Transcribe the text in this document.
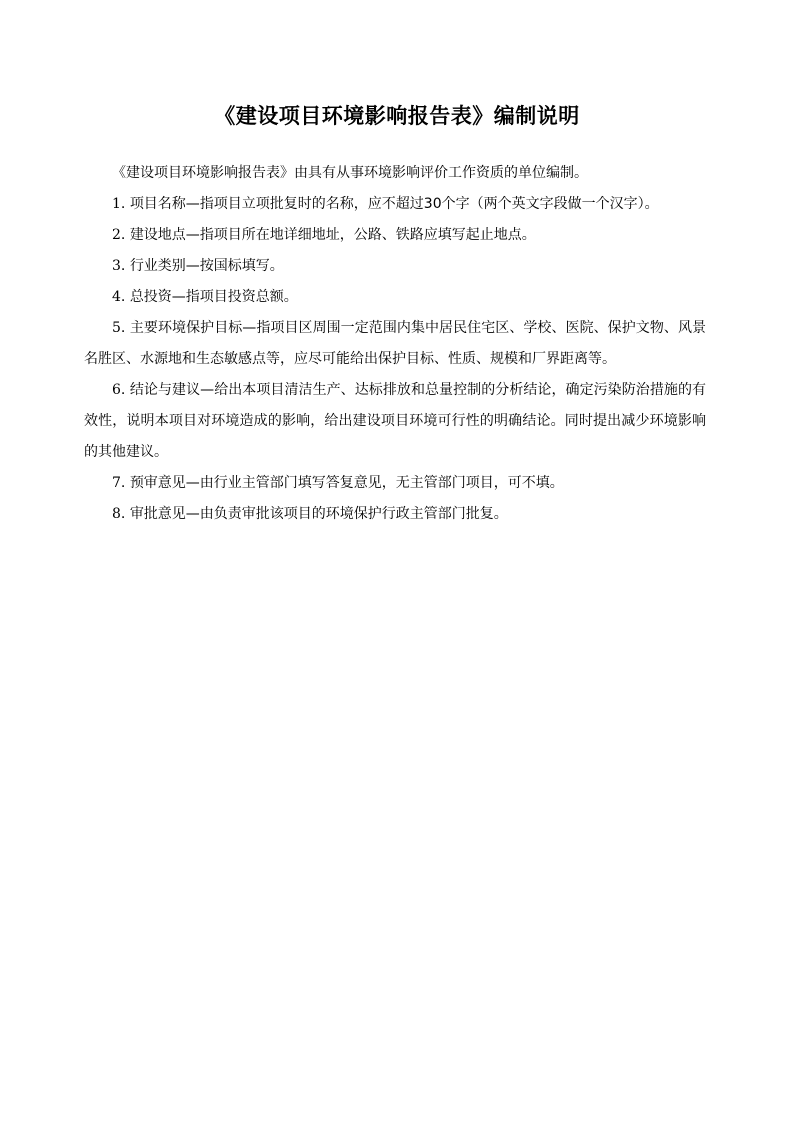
《建设项目环境影响报告表》编制说明

《建设项目环境影响报告表》由具有从事环境影响评价工作资质的单位编制。

1. 项目名称—指项目立项批复时的名称，应不超过30个字（两个英文字段做一个汉字）。

2. 建设地点—指项目所在地详细地址，公路、铁路应填写起止地点。

3. 行业类别—按国标填写。

4. 总投资—指项目投资总额。

5. 主要环境保护目标—指项目区周围一定范围内集中居民住宅区、学校、医院、保护文物、风景名胜区、水源地和生态敏感点等，应尽可能给出保护目标、性质、规模和厂界距离等。

6. 结论与建议—给出本项目清洁生产、达标排放和总量控制的分析结论，确定污染防治措施的有效性，说明本项目对环境造成的影响，给出建设项目环境可行性的明确结论。同时提出减少环境影响的其他建议。

7. 预审意见—由行业主管部门填写答复意见，无主管部门项目，可不填。

8. 审批意见—由负责审批该项目的环境保护行政主管部门批复。
